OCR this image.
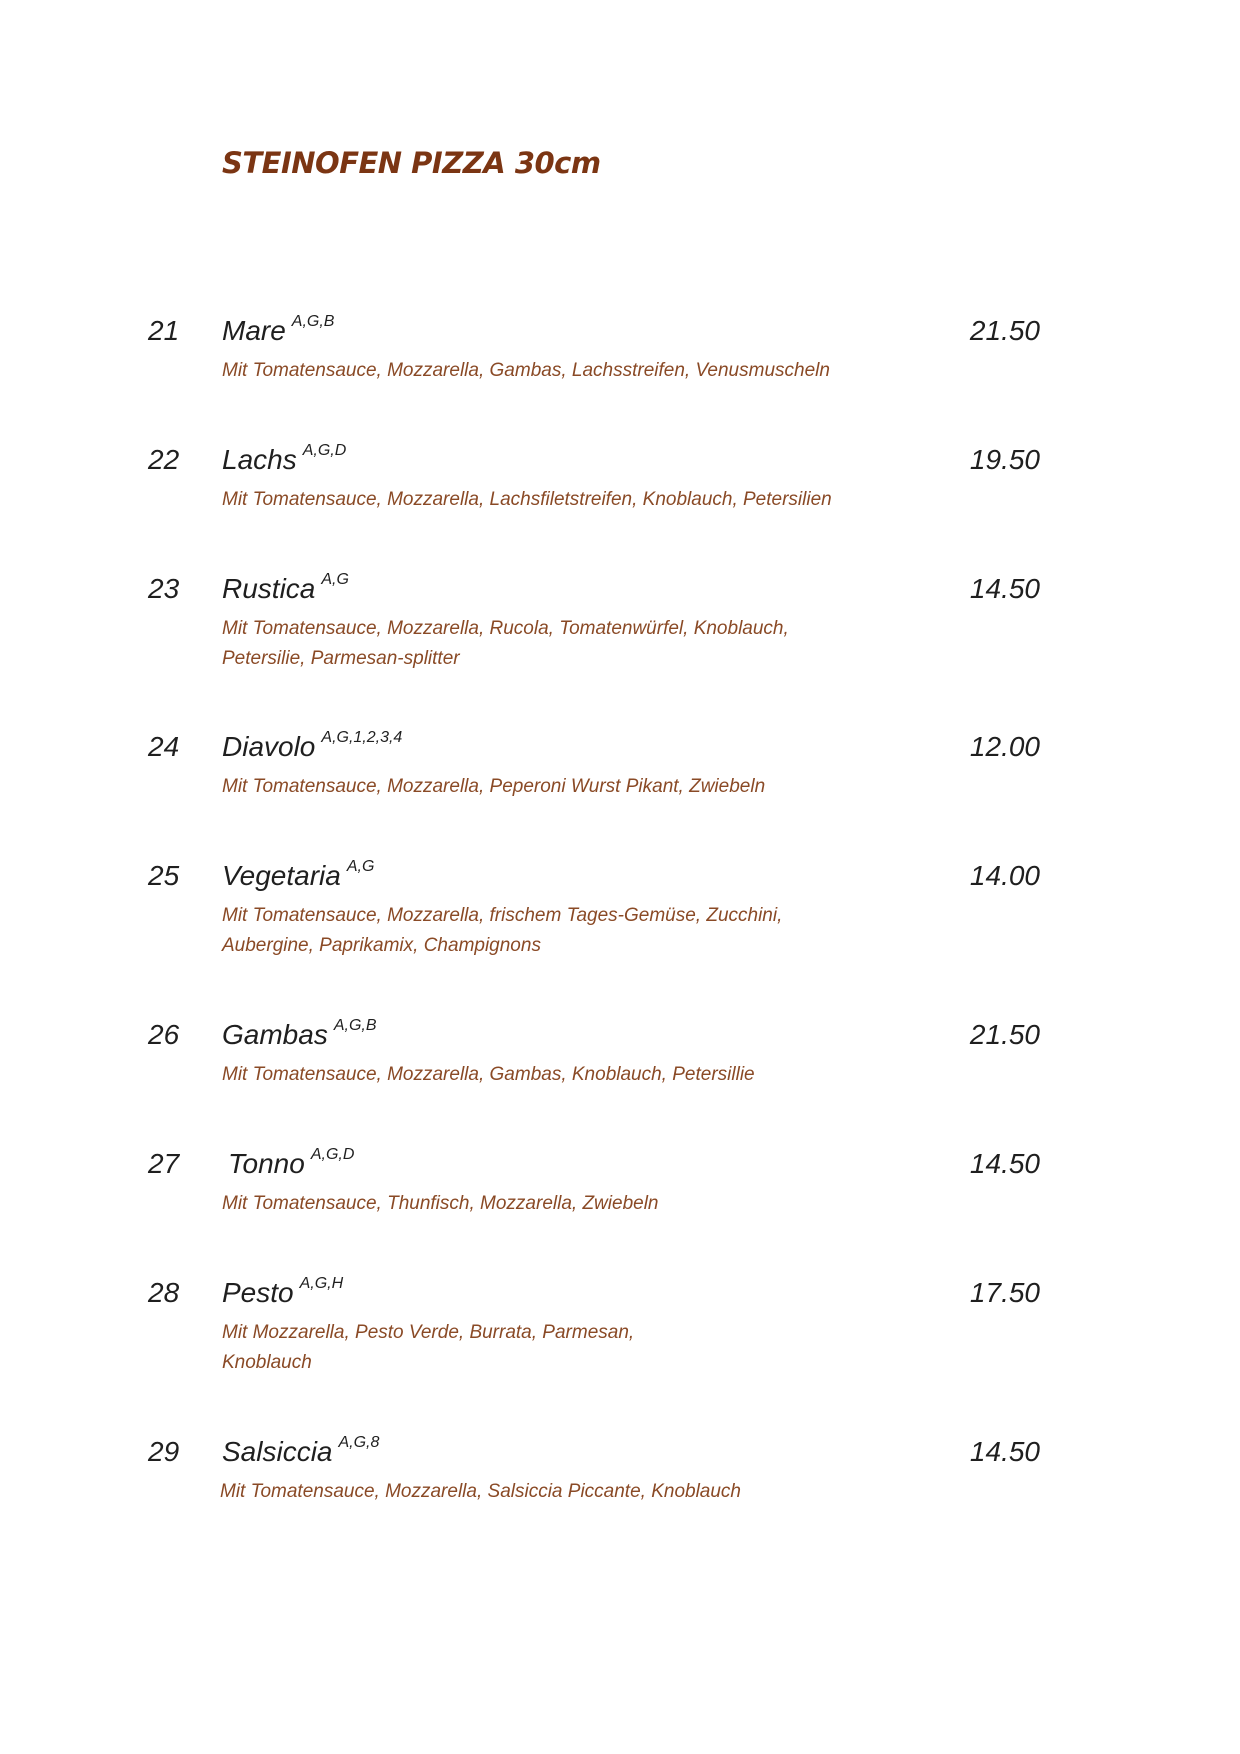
STEINOFEN PIZZA 30cm
21 Mare A,G,B	21.50
Mit Tomatensauce, Mozzarella, Gambas, Lachsstreifen, Venusmuscheln
22 Lachs A,G,D	19.50
Mit Tomatensauce, Mozzarella, Lachsfiletstreifen, Knoblauch, Petersilien
23 Rustica A,G	14.50
Mit Tomatensauce, Mozzarella, Rucola, Tomatenwürfel, Knoblauch,
Petersilie, Parmesan-splitter
24 Diavolo A,G,1,2,3,4	12.00
Mit Tomatensauce, Mozzarella, Peperoni Wurst Pikant, Zwiebeln
25 Vegetaria A,G	14.00
Mit Tomatensauce, Mozzarella, frischem Tages-Gemüse, Zucchini,
Aubergine, Paprikamix, Champignons
26 Gambas A,G,B	21.50
Mit Tomatensauce, Mozzarella, Gambas, Knoblauch, Petersillie
27 Tonno A,G,D	14.50
Mit Tomatensauce, Thunfisch, Mozzarella, Zwiebeln
28 Pesto A,G,H	17.50
Mit Mozzarella, Pesto Verde, Burrata, Parmesan,
Knoblauch
29 Salsiccia A,G,8	14.50
Mit Tomatensauce, Mozzarella, Salsiccia Piccante, Knoblauch
